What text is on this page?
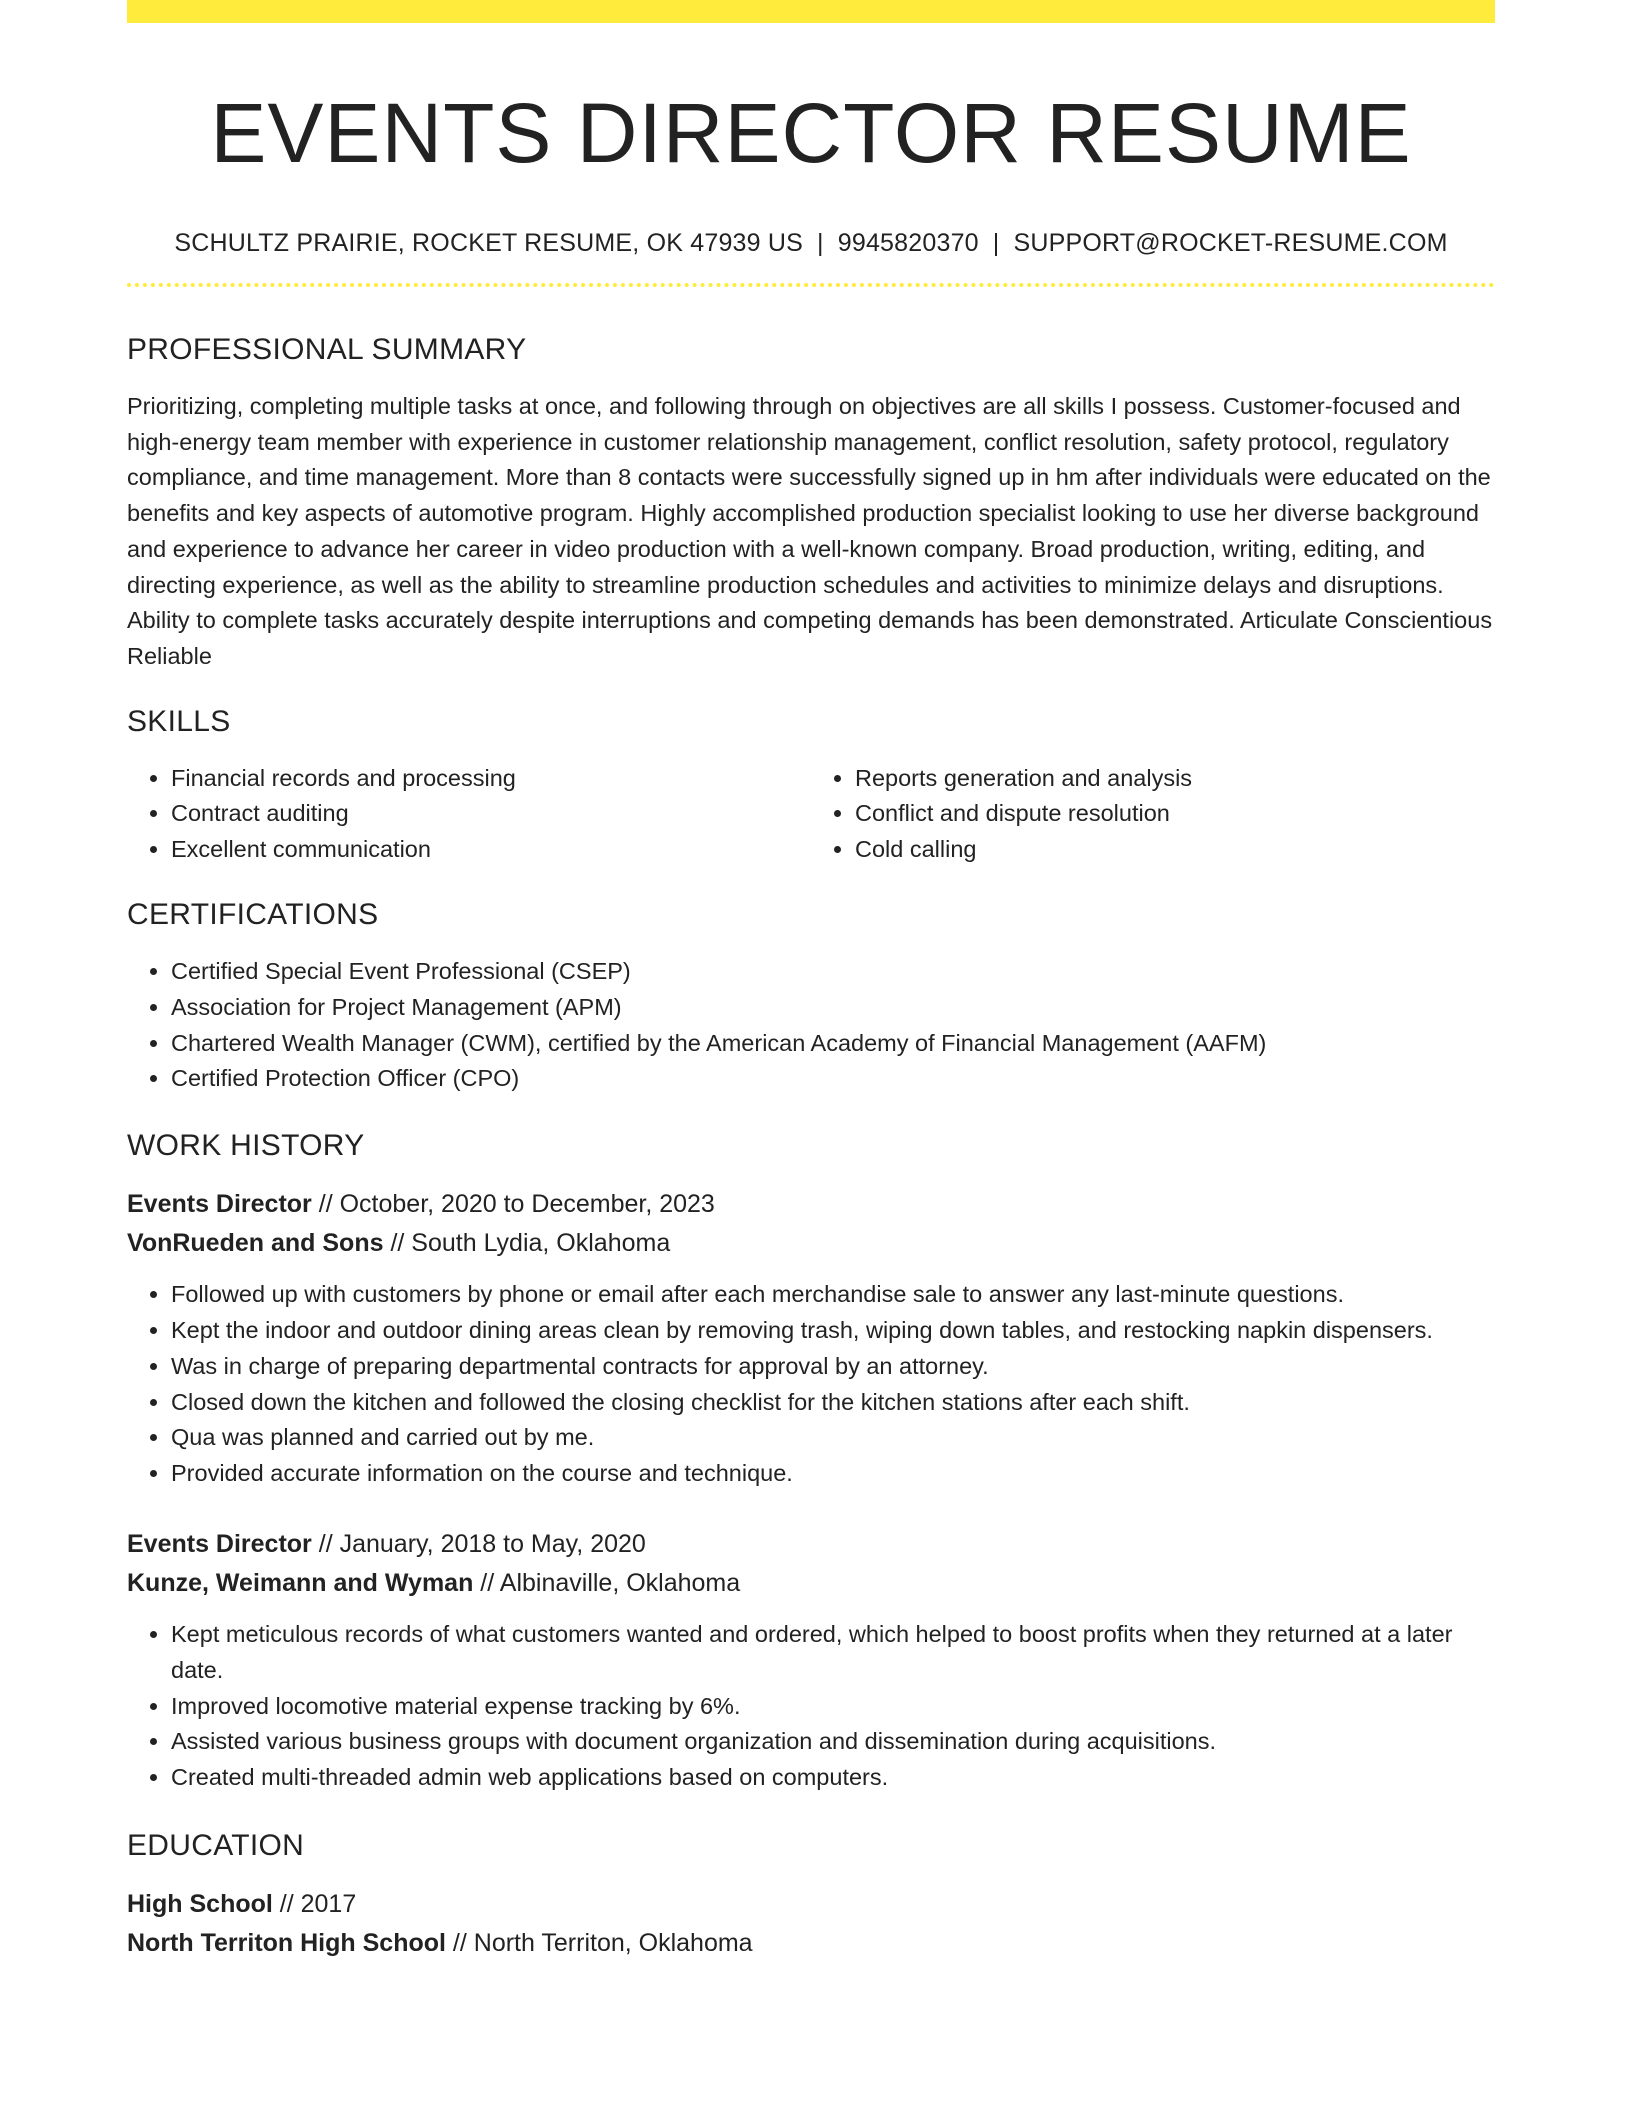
EVENTS DIRECTOR RESUME
SCHULTZ PRAIRIE, ROCKET RESUME, OK 47939 US | 9945820370 | SUPPORT@ROCKET-RESUME.COM
PROFESSIONAL SUMMARY
Prioritizing, completing multiple tasks at once, and following through on objectives are all skills I possess. Customer-focused and high-energy team member with experience in customer relationship management, conflict resolution, safety protocol, regulatory compliance, and time management. More than 8 contacts were successfully signed up in hm after individuals were educated on the benefits and key aspects of automotive program. Highly accomplished production specialist looking to use her diverse background and experience to advance her career in video production with a well-known company. Broad production, writing, editing, and directing experience, as well as the ability to streamline production schedules and activities to minimize delays and disruptions. Ability to complete tasks accurately despite interruptions and competing demands has been demonstrated. Articulate Conscientious Reliable
SKILLS
• Financial records and processing
• Contract auditing
• Excellent communication
• Reports generation and analysis
• Conflict and dispute resolution
• Cold calling
CERTIFICATIONS
• Certified Special Event Professional (CSEP)
• Association for Project Management (APM)
• Chartered Wealth Manager (CWM), certified by the American Academy of Financial Management (AAFM)
• Certified Protection Officer (CPO)
WORK HISTORY
Events Director // October, 2020 to December, 2023
VonRueden and Sons // South Lydia, Oklahoma
• Followed up with customers by phone or email after each merchandise sale to answer any last-minute questions.
• Kept the indoor and outdoor dining areas clean by removing trash, wiping down tables, and restocking napkin dispensers.
• Was in charge of preparing departmental contracts for approval by an attorney.
• Closed down the kitchen and followed the closing checklist for the kitchen stations after each shift.
• Qua was planned and carried out by me.
• Provided accurate information on the course and technique.
Events Director // January, 2018 to May, 2020
Kunze, Weimann and Wyman // Albinaville, Oklahoma
• Kept meticulous records of what customers wanted and ordered, which helped to boost profits when they returned at a later date.
• Improved locomotive material expense tracking by 6%.
• Assisted various business groups with document organization and dissemination during acquisitions.
• Created multi-threaded admin web applications based on computers.
EDUCATION
High School // 2017
North Territon High School // North Territon, Oklahoma
